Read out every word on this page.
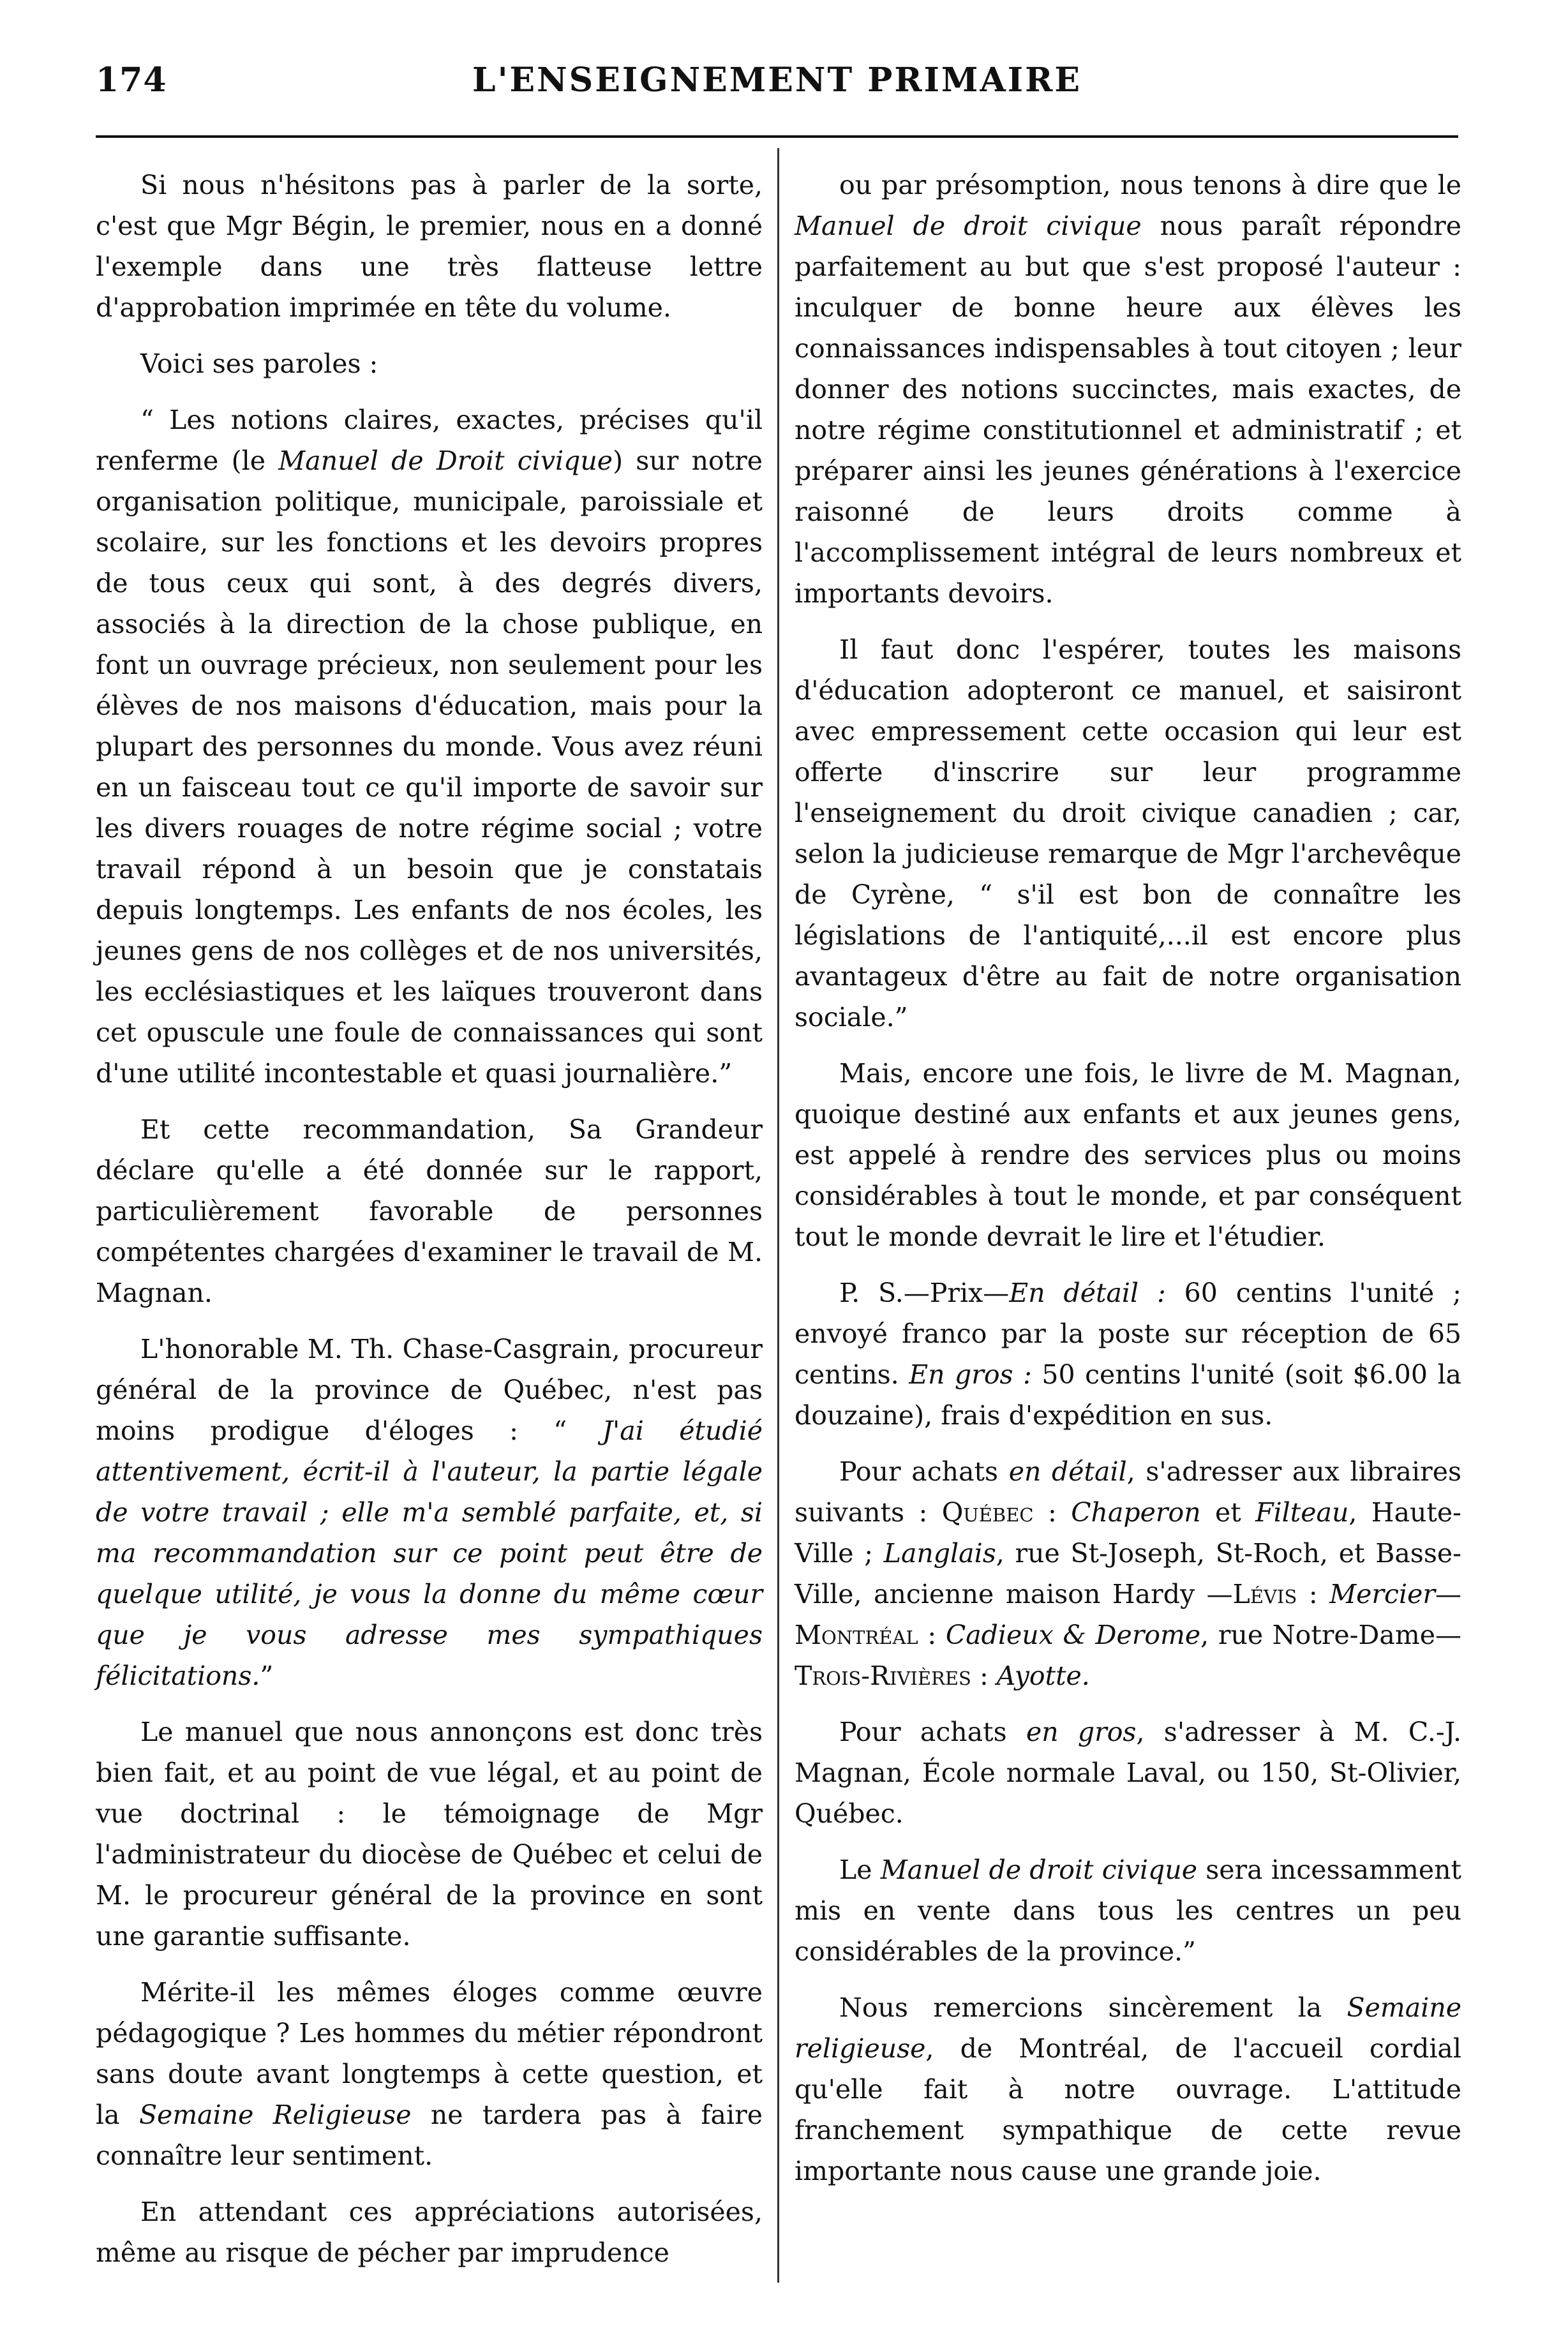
174	L'ENSEIGNEMENT PRIMAIRE

Si nous n'hésitons pas à parler de la sorte, c'est que Mgr Bégin, le premier, nous en a donné l'exemple dans une très flatteuse lettre d'approbation imprimée en tête du volume.

Voici ses paroles :

“ Les notions claires, exactes, précises qu'il renferme (le Manuel de Droit civique) sur notre organisation politique, municipale, paroissiale et scolaire, sur les fonctions et les devoirs propres de tous ceux qui sont, à des degrés divers, associés à la direction de la chose publique, en font un ouvrage précieux, non seulement pour les élèves de nos maisons d'éducation, mais pour la plupart des personnes du monde. Vous avez réuni en un faisceau tout ce qu'il importe de savoir sur les divers rouages de notre régime social ; votre travail répond à un besoin que je constatais depuis longtemps. Les enfants de nos écoles, les jeunes gens de nos collèges et de nos universités, les ecclésiastiques et les laïques trouveront dans cet opuscule une foule de connaissances qui sont d'une utilité incontestable et quasi journalière.”

Et cette recommandation, Sa Grandeur déclare qu'elle a été donnée sur le rapport, particulièrement favorable de personnes compétentes chargées d'examiner le travail de M. Magnan.

L'honorable M. Th. Chase-Casgrain, procureur général de la province de Québec, n'est pas moins prodigue d'éloges : “ J'ai étudié attentivement, écrit-il à l'auteur, la partie légale de votre travail ; elle m'a semblé parfaite, et, si ma recommandation sur ce point peut être de quelque utilité, je vous la donne du même cœur que je vous adresse mes sympathiques félicitations.”

Le manuel que nous annonçons est donc très bien fait, et au point de vue légal, et au point de vue doctrinal : le témoignage de Mgr l'administrateur du diocèse de Québec et celui de M. le procureur général de la province en sont une garantie suffisante.

Mérite-il les mêmes éloges comme œuvre pédagogique ? Les hommes du métier répondront sans doute avant longtemps à cette question, et la Semaine Religieuse ne tardera pas à faire connaître leur sentiment.

En attendant ces appréciations autorisées, même au risque de pécher par imprudence

ou par présomption, nous tenons à dire que le Manuel de droit civique nous paraît répondre parfaitement au but que s'est proposé l'auteur : inculquer de bonne heure aux élèves les connaissances indispensables à tout citoyen ; leur donner des notions succinctes, mais exactes, de notre régime constitutionnel et administratif ; et préparer ainsi les jeunes générations à l'exercice raisonné de leurs droits comme à l'accomplissement intégral de leurs nombreux et importants devoirs.

Il faut donc l'espérer, toutes les maisons d'éducation adopteront ce manuel, et saisiront avec empressement cette occasion qui leur est offerte d'inscrire sur leur programme l'enseignement du droit civique canadien ; car, selon la judicieuse remarque de Mgr l'archevêque de Cyrène, “ s'il est bon de connaître les législations de l'antiquité,...il est encore plus avantageux d'être au fait de notre organisation sociale.”

Mais, encore une fois, le livre de M. Magnan, quoique destiné aux enfants et aux jeunes gens, est appelé à rendre des services plus ou moins considérables à tout le monde, et par conséquent tout le monde devrait le lire et l'étudier.

P. S.—Prix—En détail : 60 centins l'unité ; envoyé franco par la poste sur réception de 65 centins. En gros : 50 centins l'unité (soit $6.00 la douzaine), frais d'expédition en sus.

Pour achats en détail, s'adresser aux libraires suivants : Québec : Chaperon et Filteau, Haute-Ville ; Langlais, rue St-Joseph, St-Roch, et Basse-Ville, ancienne maison Hardy —Lévis : Mercier—Montréal : Cadieux & Derome, rue Notre-Dame—Trois-Rivières : Ayotte.

Pour achats en gros, s'adresser à M. C.-J. Magnan, École normale Laval, ou 150, St-Olivier, Québec.

Le Manuel de droit civique sera incessamment mis en vente dans tous les centres un peu considérables de la province.”

Nous remercions sincèrement la Semaine religieuse, de Montréal, de l'accueil cordial qu'elle fait à notre ouvrage. L'attitude franchement sympathique de cette revue importante nous cause une grande joie.
